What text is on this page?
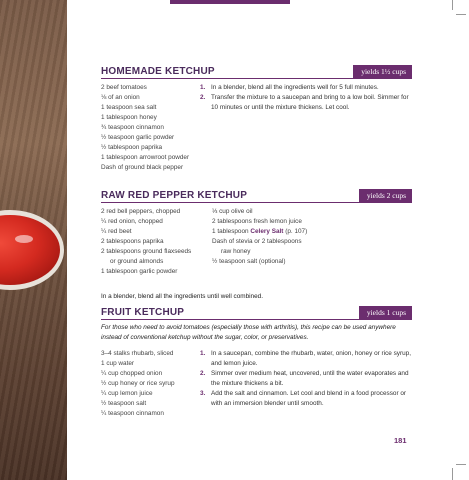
HOMEMADE KETCHUP	yields 1½ cups
2 beef tomatoes
⅛ of an onion
1 teaspoon sea salt
1 tablespoon honey
¾ teaspoon cinnamon
½ teaspoon garlic powder
½ tablespoon paprika
1 tablespoon arrowroot powder
Dash of ground black pepper
1. In a blender, blend all the ingredients well for 5 full minutes.
2. Transfer the mixture to a saucepan and bring to a low boil. Simmer for 10 minutes or until the mixture thickens. Let cool.
RAW RED PEPPER KETCHUP	yields 2 cups
2 red bell peppers, chopped
¼ red onion, chopped
¼ red beet
2 tablespoons paprika
2 tablespoons ground flaxseeds
or ground almonds
1 tablespoon garlic powder
⅓ cup olive oil
2 tablespoons fresh lemon juice
1 tablespoon Celery Salt (p. 107)
Dash of stevia or 2 tablespoons
raw honey
½ teaspoon salt (optional)
In a blender, blend all the ingredients until well combined.
FRUIT KETCHUP	yields 1 cups
For those who need to avoid tomatoes (especially those with arthritis), this recipe can be used anywhere instead of conventional ketchup without the sugar, color, or preservatives.
3–4 stalks rhubarb, sliced
1 cup water
¼ cup chopped onion
½ cup honey or rice syrup
¼ cup lemon juice
½ teaspoon salt
¼ teaspoon cinnamon
1. In a saucepan, combine the rhubarb, water, onion, honey or rice syrup, and lemon juice.
2. Simmer over medium heat, uncovered, until the water evaporates and the mixture thickens a bit.
3. Add the salt and cinnamon. Let cool and blend in a food processor or with an immersion blender until smooth.
181
